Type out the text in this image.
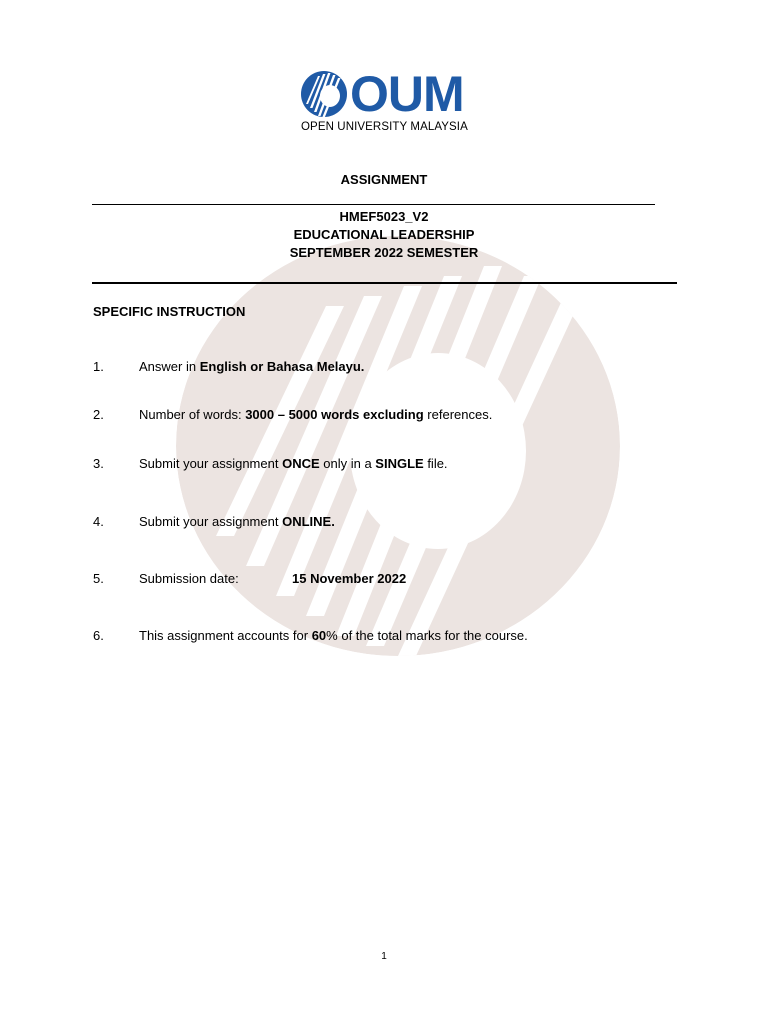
OUM
OPEN UNIVERSITY MALAYSIA
ASSIGNMENT
HMEF5023_V2
EDUCATIONAL LEADERSHIP
SEPTEMBER 2022 SEMESTER
SPECIFIC INSTRUCTION
1.	Answer in English or Bahasa Melayu.
2.	Number of words: 3000 – 5000 words excluding references.
3.	Submit your assignment ONCE only in a SINGLE file.
4.	Submit your assignment ONLINE.
5.	Submission date:	15 November 2022
6.	This assignment accounts for 60% of the total marks for the course.
1
